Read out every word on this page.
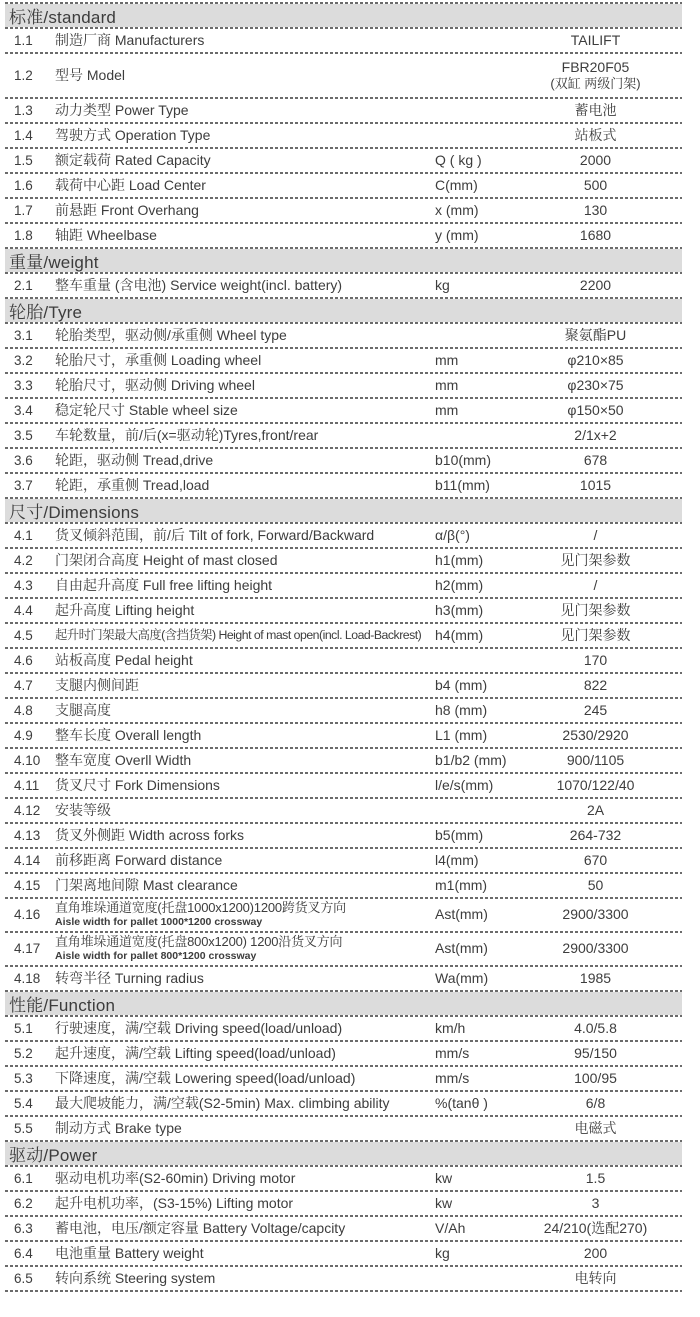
标准/standard
1.1	制造厂商 Manufacturers	TAILIFT
1.2	型号 Model	FBR20F05
(双缸 两级门架)
1.3	动力类型 Power Type	蓄电池
1.4	驾驶方式 Operation Type	站板式
1.5	额定载荷 Rated Capacity	Q ( kg )	2000
1.6	载荷中心距 Load Center	C(mm)	500
1.7	前悬距 Front Overhang	x (mm)	130
1.8	轴距 Wheelbase	y (mm)	1680
重量/weight
2.1	整车重量 (含电池) Service weight(incl. battery)	kg	2200
轮胎/Tyre
3.1	轮胎类型，驱动侧/承重侧 Wheel type	聚氨酯PU
3.2	轮胎尺寸，承重侧 Loading wheel	mm	φ210×85
3.3	轮胎尺寸，驱动侧 Driving wheel	mm	φ230×75
3.4	稳定轮尺寸 Stable wheel size	mm	φ150×50
3.5	车轮数量，前/后(x=驱动轮)Tyres,front/rear	2/1x+2
3.6	轮距，驱动侧 Tread,drive	b10(mm)	678
3.7	轮距，承重侧 Tread,load	b11(mm)	1015
尺寸/Dimensions
4.1	货叉倾斜范围，前/后 Tilt of fork, Forward/Backward	α/β(°)	/
4.2	门架闭合高度 Height of mast closed	h1(mm)	见门架参数
4.3	自由起升高度 Full free lifting height	h2(mm)	/
4.4	起升高度 Lifting height	h3(mm)	见门架参数
4.5	起升时门架最大高度(含挡货架) Height of mast open(incl. Load-Backrest) h4(mm)	见门架参数
4.6	站板高度 Pedal height	170
4.7	支腿内侧间距	b4 (mm)	822
4.8	支腿高度	h8 (mm)	245
4.9	整车长度 Overall length	L1 (mm)	2530/2920
4.10	整车宽度 Overll Width	b1/b2 (mm)	900/1105
4.11	货叉尺寸 Fork Dimensions	l/e/s(mm)	1070/122/40
4.12	安装等级	2A
4.13	货叉外侧距 Width across forks	b5(mm)	264-732
4.14	前移距离 Forward distance	l4(mm)	670
4.15	门架离地间隙 Mast clearance	m1(mm)	50
4.16	直角堆垛通道宽度(托盘1000x1200)1200跨货叉方向
Aisle width for pallet 1000*1200 crossway	Ast(mm)	2900/3300
4.17	直角堆垛通道宽度(托盘800x1200) 1200沿货叉方向
Aisle width for pallet 800*1200 crossway	Ast(mm)	2900/3300
4.18	转弯半径 Turning radius	Wa(mm)	1985
性能/Function
5.1	行驶速度，满/空载 Driving speed(load/unload)	km/h	4.0/5.8
5.2	起升速度，满/空载 Lifting speed(load/unload)	mm/s	95/150
5.3	下降速度，满/空载 Lowering speed(load/unload)	mm/s	100/95
5.4	最大爬坡能力，满/空载(S2-5min) Max. climbing ability	%(tanθ )	6/8
5.5	制动方式 Brake type	电磁式
驱动/Power
6.1	驱动电机功率(S2-60min) Driving motor	kw	1.5
6.2	起升电机功率，(S3-15%) Lifting motor	kw	3
6.3	蓄电池，电压/额定容量 Battery Voltage/capcity	V/Ah	24/210(选配270)
6.4	电池重量 Battery weight	kg	200
6.5	转向系统 Steering system	电转向
